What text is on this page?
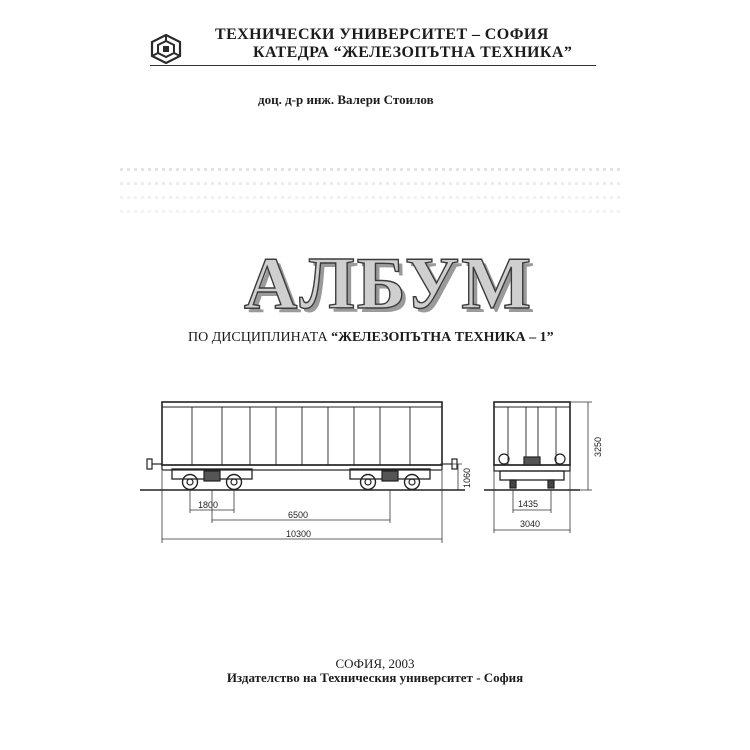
ТЕХНИЧЕСКИ УНИВЕРСИТЕТ – СОФИЯ
КАТЕДРА “ЖЕЛЕЗОПЪТНА ТЕХНИКА”
доц. д-р инж. Валери Стоилов
АЛБУМ
ПО ДИСЦИПЛИНАТА “ЖЕЛЕЗОПЪТНА ТЕХНИКА – 1”
1800
6500
10300
1060
1435
3040
3250
СОФИЯ, 2003
Издателство на Техническия университет - София
